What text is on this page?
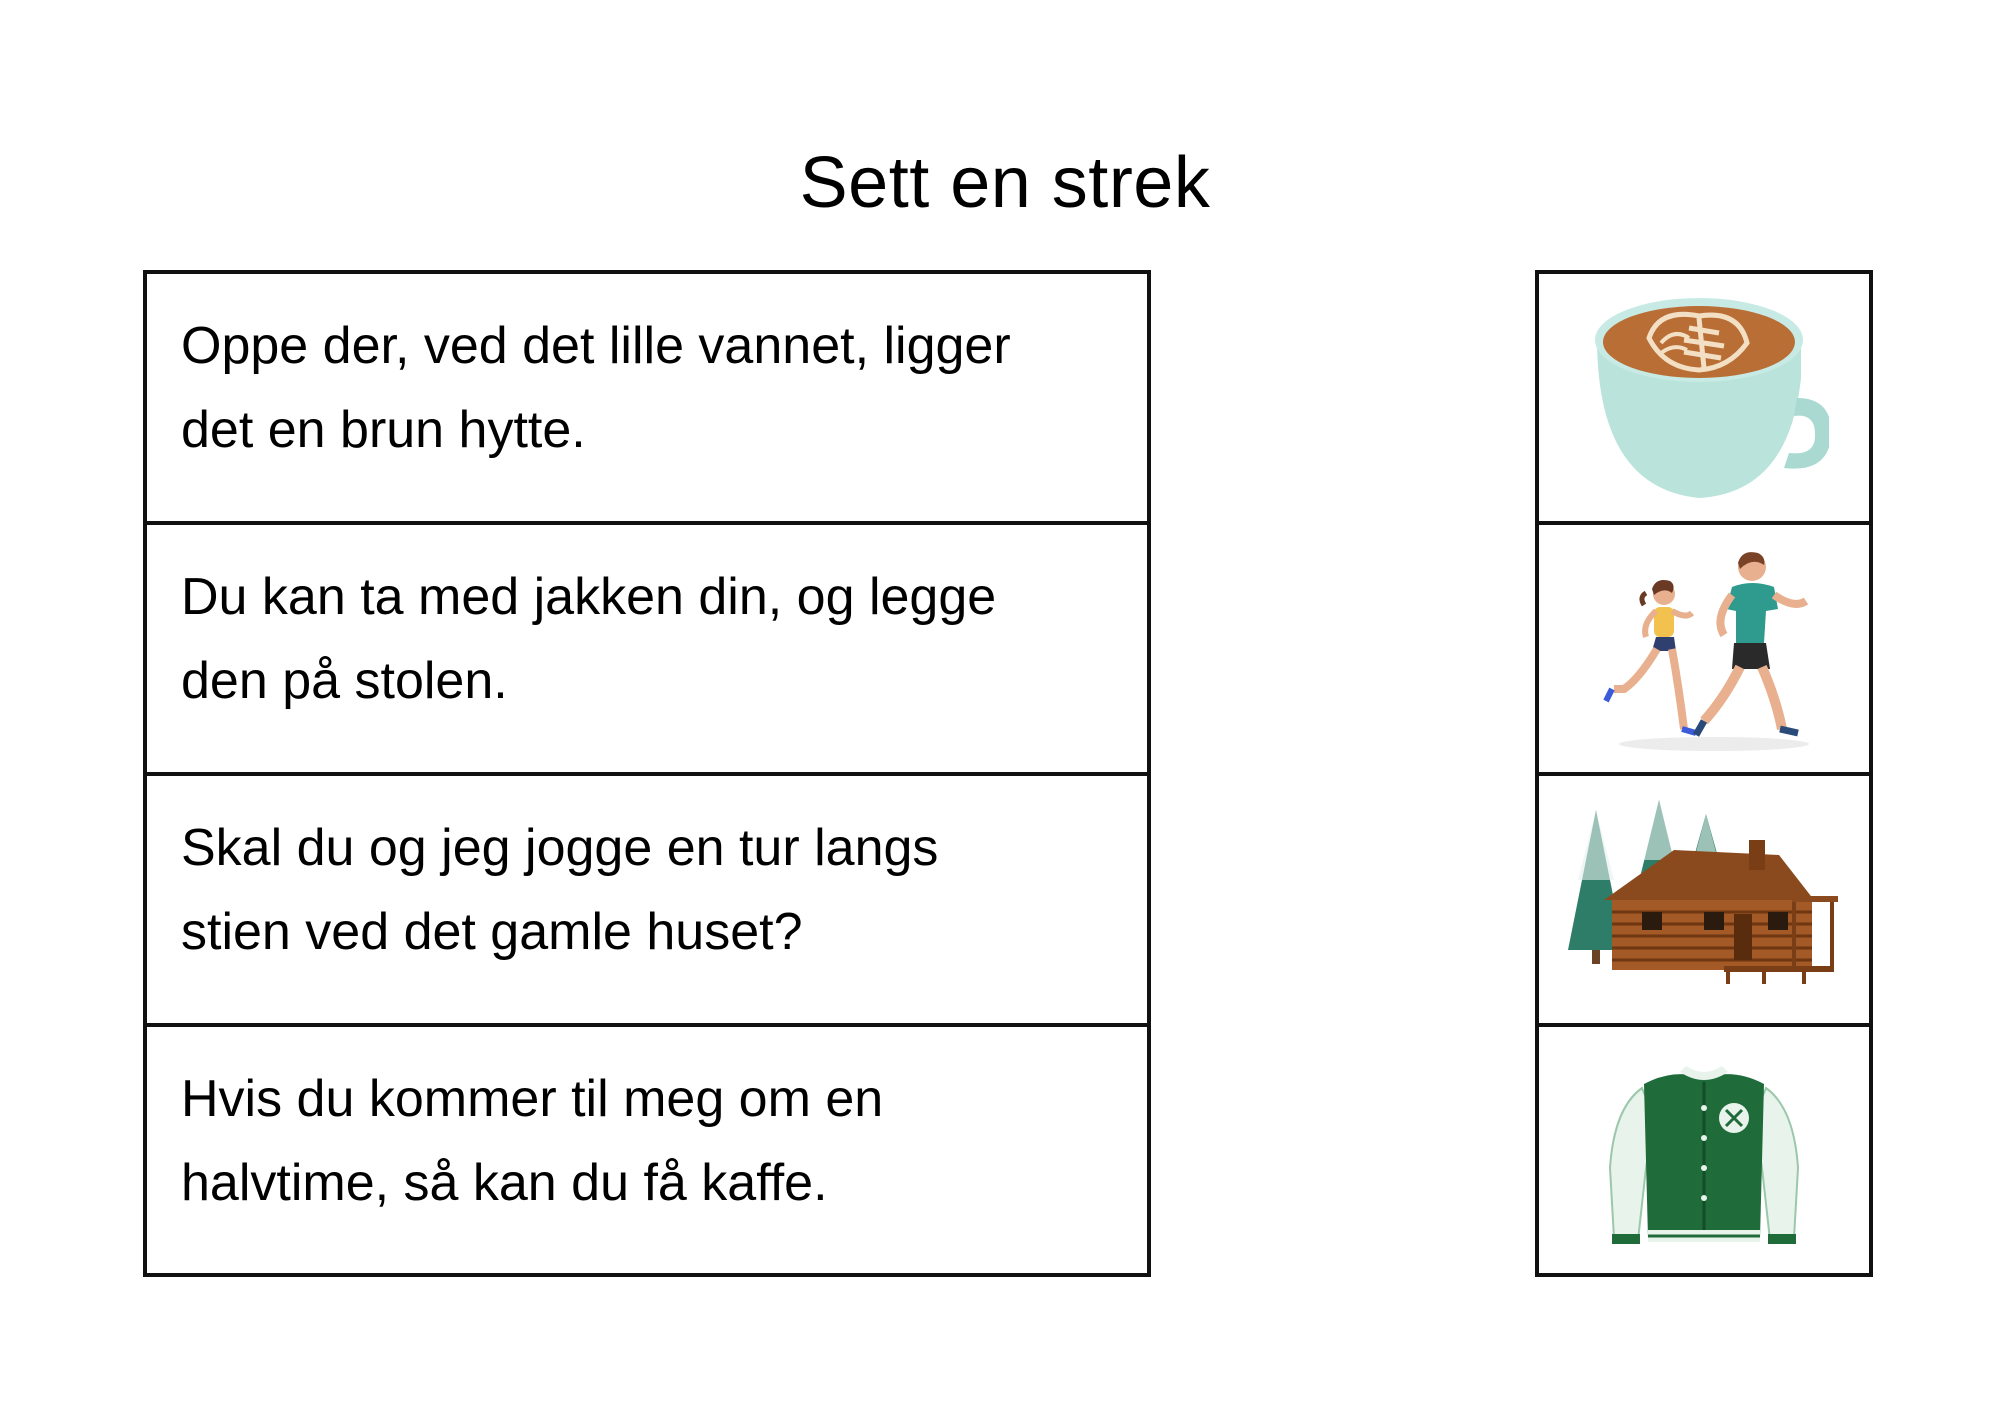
Sett en strek
Oppe der, ved det lille vannet, ligger
det en brun hytte.
Du kan ta med jakken din, og legge
den på stolen.
Skal du og jeg jogge en tur langs
stien ved det gamle huset?
Hvis du kommer til meg om en
halvtime, så kan du få kaffe.
